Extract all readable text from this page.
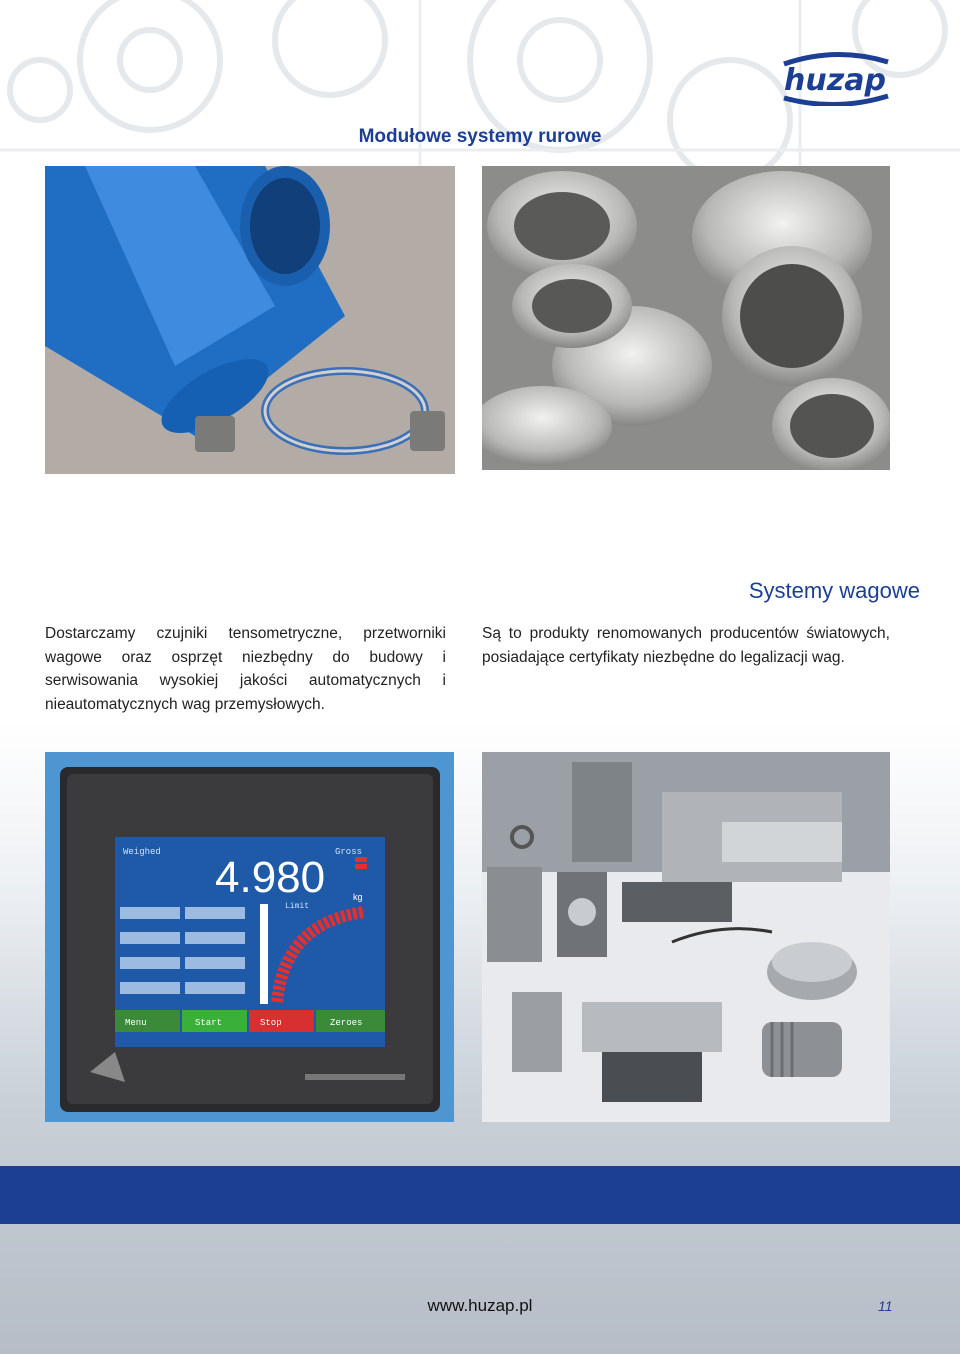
huzap
Modułowe systemy rurowe
Systemy wagowe

Dostarczamy czujniki tensometryczne, przetworniki wagowe oraz osprzęt niezbędny do budowy i serwisowania wysokiej jakości automatycznych i nieautomatycznych wag przemysłowych.

Są to produkty renomowanych producentów światowych, posiadające certyfikaty niezbędne do legalizacji wag.

Weighed	Gross
4.980	kg
Limit
Menu	Start	Stop	Zeroes
www.huzap.pl	11
